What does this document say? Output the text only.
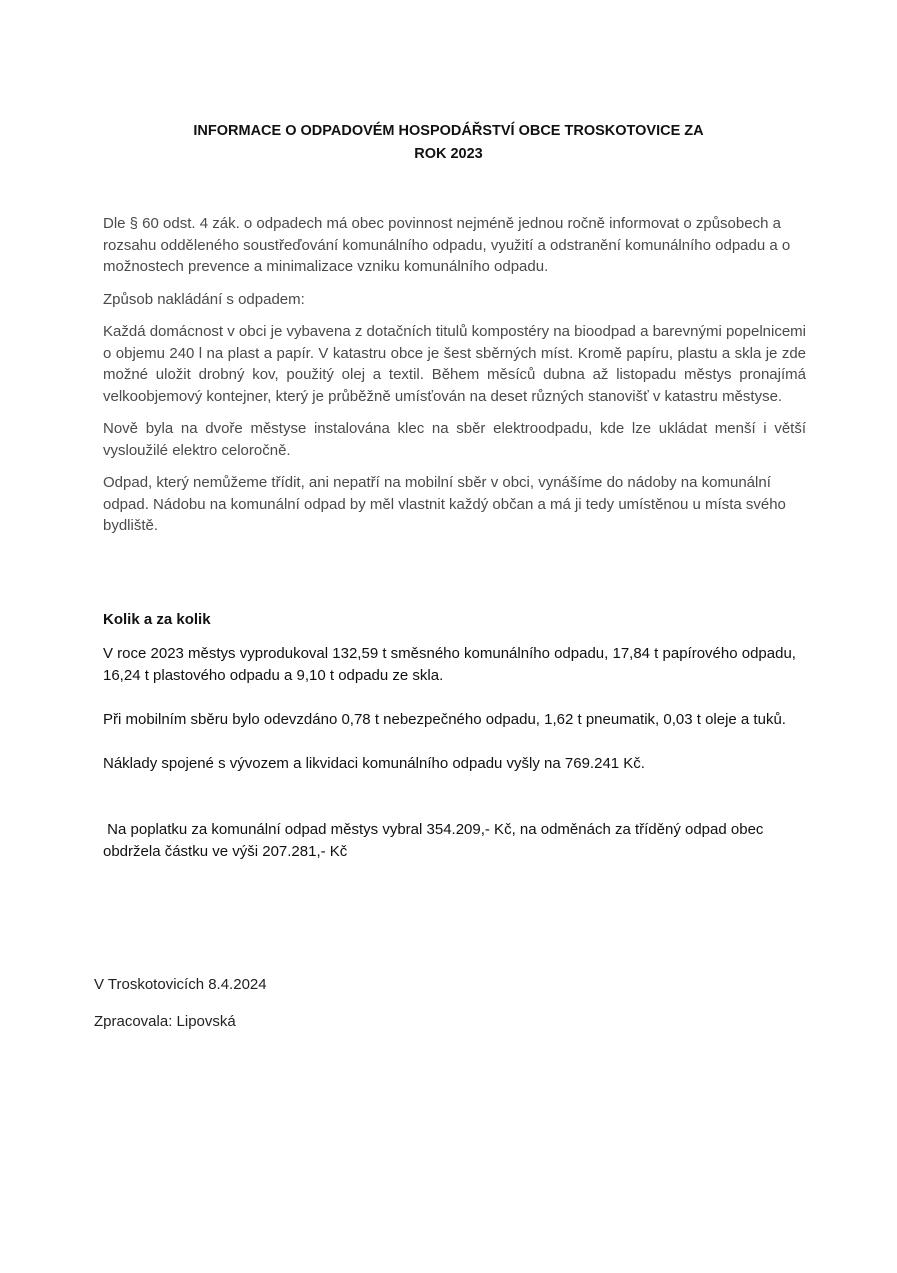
INFORMACE O ODPADOVÉM HOSPODÁŘSTVÍ OBCE TROSKOTOVICE ZA
ROK 2023

Dle § 60 odst. 4 zák. o odpadech má obec povinnost nejméně jednou ročně informovat o způsobech a rozsahu odděleného soustřeďování komunálního odpadu, využití a odstranění komunálního odpadu a o možnostech prevence a minimalizace vzniku komunálního odpadu.

Způsob nakládání s odpadem:

Každá domácnost v obci je vybavena z dotačních titulů kompostéry na bioodpad a barevnými popelnicemi o objemu 240 l na plast a papír. V katastru obce je šest sběrných míst. Kromě papíru, plastu a skla je zde možné uložit drobný kov, použitý olej a textil. Během měsíců dubna až listopadu městys pronajímá velkoobjemový kontejner, který je průběžně umísťován na deset různých stanovišť v katastru městyse.

Nově byla na dvoře městyse instalována klec na sběr elektroodpadu, kde lze ukládat menší i větší vysloužilé elektro celoročně.

Odpad, který nemůžeme třídit, ani nepatří na mobilní sběr v obci, vynášíme do nádoby na komunální odpad. Nádobu na komunální odpad by měl vlastnit každý občan a má ji tedy umístěnou u místa svého bydliště.

Kolik a za kolik

V roce 2023 městys vyprodukoval 132,59 t směsného komunálního odpadu, 17,84 t papírového odpadu, 16,24 t plastového odpadu a 9,10 t odpadu ze skla.

Při mobilním sběru bylo odevzdáno 0,78 t nebezpečného odpadu, 1,62 t pneumatik, 0,03 t oleje a tuků.

Náklady spojené s vývozem a likvidaci komunálního odpadu vyšly na 769.241 Kč.

Na poplatku za komunální odpad městys vybral 354.209,- Kč, na odměnách za tříděný odpad obec obdržela částku ve výši 207.281,- Kč

V Troskotovicích 8.4.2024

Zpracovala: Lipovská
